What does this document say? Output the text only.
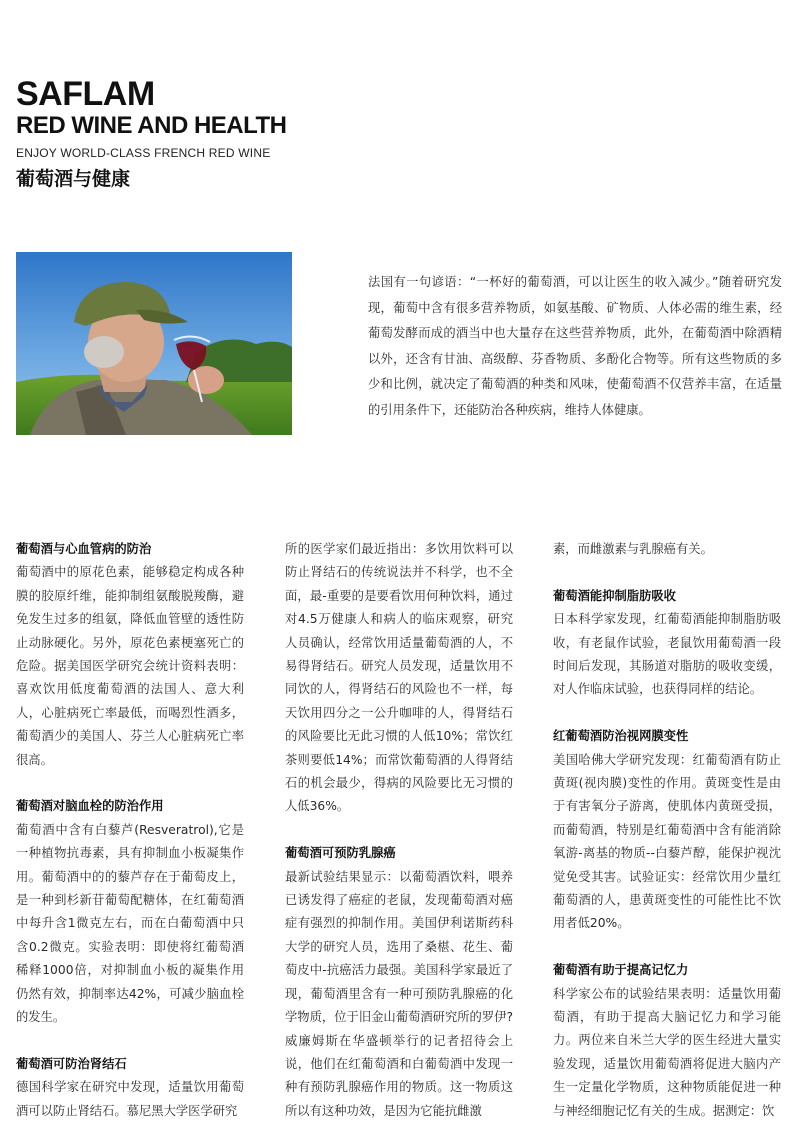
SAFLAM
RED WINE AND HEALTH
ENJOY WORLD-CLASS FRENCH RED WINE
葡萄酒与健康
法国有一句谚语：“一杯好的葡萄酒，可以让医生的收入减少。”随着研究发现，葡萄中含有很多营养物质，如氨基酸、矿物质、人体必需的维生素，经葡萄发酵而成的酒当中也大量存在这些营养物质，此外，在葡萄酒中除酒精以外，还含有甘油、高级醇、芬香物质、多酚化合物等。所有这些物质的多少和比例，就决定了葡萄酒的种类和风味，使葡萄酒不仅营养丰富，在适量的引用条件下，还能防治各种疾病，维持人体健康。

葡萄酒与心血管病的防治

葡萄酒中的原花色素，能够稳定构成各种膜的胶原纤维，能抑制组氨酸脱羧酶，避免发生过多的组氨，降低血管壁的透性防止动脉硬化。另外，原花色素梗塞死亡的危险。据美国医学研究会统计资料表明：喜欢饮用低度葡萄酒的法国人、意大利人，心脏病死亡率最低，而喝烈性酒多，葡萄酒少的美国人、芬兰人心脏病死亡率很高。

葡萄酒对脑血栓的防治作用

葡萄酒中含有白藜芦(Resveratrol),它是一种植物抗毒素，具有抑制血小板凝集作用。葡萄酒中的的藜芦存在于葡萄皮上，是一种到杉新苷葡萄配糖体，在红葡萄酒中每升含1微克左右，而在白葡萄酒中只含0.2微克。实验表明：即使将红葡萄酒稀释1000倍，对抑制血小板的凝集作用仍然有效，抑制率达42%，可减少脑血栓的发生。

葡萄酒可防治肾结石

德国科学家在研究中发现，适量饮用葡萄酒可以防止肾结石。慕尼黑大学医学研究

所的医学家们最近指出：多饮用饮料可以防止肾结石的传统说法并不科学，也不全面，最-重要的是要看饮用何种饮料，通过对4.5万健康人和病人的临床观察，研究人员确认，经常饮用适量葡萄酒的人，不易得肾结石。研究人员发现，适量饮用不同饮的人，得肾结石的风险也不一样，每天饮用四分之一公升咖啡的人，得肾结石的风险要比无此习惯的人低10%；常饮红茶则要低14%；而常饮葡萄酒的人得肾结石的机会最少，得病的风险要比无习惯的人低36%。

葡萄酒可预防乳腺癌

最新试验结果显示：以葡萄酒饮料，喂养已诱发得了癌症的老鼠，发现葡萄酒对癌症有强烈的抑制作用。美国伊利诺斯药科大学的研究人员，选用了桑椹、花生、葡萄皮中-抗癌活力最强。美国科学家最近了现，葡萄酒里含有一种可预防乳腺癌的化学物质，位于旧金山葡萄酒研究所的罗伊?威廉姆斯在华盛顿举行的记者招待会上说，他们在红葡萄酒和白葡萄酒中发现一种有预防乳腺癌作用的物质。这一物质这所以有这种功效，是因为它能抗雌激

素，而雌激素与乳腺癌有关。

葡萄酒能抑制脂肪吸收

日本科学家发现，红葡萄酒能抑制脂肪吸收，有老鼠作试验，老鼠饮用葡萄酒一段时间后发现，其肠道对脂肪的吸收变缓，对人作临床试验，也获得同样的结论。

红葡萄酒防治视网膜变性

美国哈佛大学研究发现：红葡萄酒有防止黄斑(视肉膜)变性的作用。黄斑变性是由于有害氧分子游离，使肌体内黄斑受损，而葡萄酒，特别是红葡萄酒中含有能消除氧游-离基的物质--白藜芦醇，能保护视沈觉免受其害。试验证实：经常饮用少量红葡萄酒的人，患黄斑变性的可能性比不饮用者低20%。

葡萄酒有助于提高记忆力

科学家公布的试验结果表明：适量饮用葡萄酒，有助于提高大脑记忆力和学习能力。两位来自米兰大学的医生经进大量实验发现，适量饮用葡萄酒将促进大脑内产生一定量化学物质，这种物质能促进一种与神经细胞记忆有关的生成。据测定：饮
